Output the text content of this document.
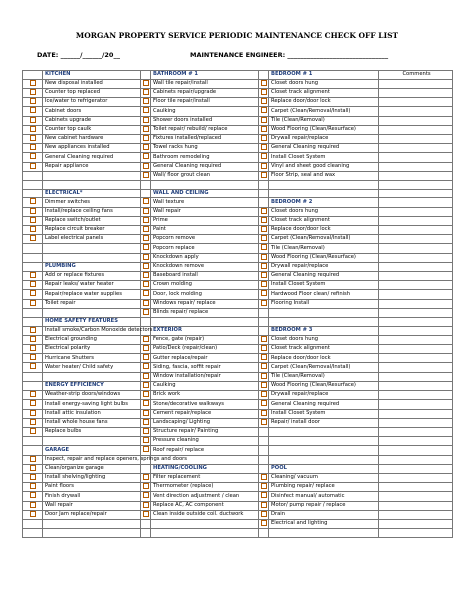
MORGAN PROPERTY SERVICE PERIODIC MAINTENANCE CHECK OFF LIST
DATE: ______/______/20__	MAINTENANCE ENGINEER: _______________________________
	KITCHEN		BATHROOM # 1		BEDROOM # 1	Comments
	New disposal installed		Wall tile repair/install		Closet doors hung	
	Counter top replaced		Cabinets repair/upgrade		Closet track alignment	
	Ice/water to refrigerator		Floor tile repair/install		Replace door/door lock	
	Cabinet doors		Caulking		Carpet (Clean/Removal/Install)	
	Cabinets upgrade		Shower doors installed		Tile (Clean/Removal)	
	Counter top caulk		Toilet repair/ rebuild/ replace		Wood Flooring (Clean/Resurface)	
	New cabinet hardware		Fixtures installed/replaced		Drywall repair/replace	
	New appliances installed		Towel racks hung		General Cleaning required	
	General Cleaning required		Bathroom remodeling		Install Closet System	
	Repair appliance		General Cleaning required		Vinyl and sheet good cleaning	
			Wall/ floor grout clean		Floor Strip, seal and wax	

	ELECTRICAL*		WALL AND CEILING			
	Dimmer switches		Wall texture		BEDROOM # 2	
	Install/replace ceiling fans		Wall repair		Closet doors hung	
	Replace switch/outlet		Prime		Closet track alignment	
	Replace circuit breaker		Paint		Replace door/door lock	
	Label electrical panels		Popcorn remove		Carpet (Clean/Removal/Install)	
			Popcorn replace		Tile (Clean/Removal)	
			Knockdown apply		Wood Flooring (Clean/Resurface)	
	PLUMBING		Knockdown remove		Drywall repair/replace	
	Add or replace fixtures		Baseboard install		General Cleaning required	
	Repair leaks/ water heater		Crown molding		Install Closet System	
	Repair/replace water supplies		Door, lock molding		Hardwood Floor clean/ refinish	
	Toilet repair		Windows repair/ replace		Flooring Install	
			Blinds repair/ replace			
	HOME SAFETY FEATURES					
	Install smoke/Carbon Monoxide detectors		EXTERIOR		BEDROOM # 3	
	Electrical grounding		Fence, gate (repair)		Closet doors hung	
	Electrical polarity		Patio/Deck (repair/clean)		Closet track alignment	
	Hurricane Shutters		Gutter replace/repair		Replace door/door lock	
	Water heater/ Child safety		Siding, fascia, soffit repair		Carpet (Clean/Removal/Install)	
			Window installation/repair		Tile (Clean/Removal)	
	ENERGY EFFICIENCY		Caulking		Wood Flooring (Clean/Resurface)	
	Weather-strip doors/windows		Brick work		Drywall repair/replace	
	Install energy-saving light bulbs		Stone/decorative walkways		General Cleaning required	
	Install attic insulation		Cement repair/replace		Install Closet System	
	Install whole house fans		Landscaping/ Lighting		Repair/ install door	
	Replace bulbs		Structure repair/ Painting			
			Pressure cleaning			
	GARAGE		Roof repair/ replace			
	Inspect, repair and replace openers, springs and doors					
	Clean/organize garage		HEATING/COOLING		POOL	
	Install shelving/lighting		Filter replacement		Cleaning/ vacuum	
	Paint floors		Thermometer (replace)		Plumbing repair/ replace	
	Finish drywall		Vent direction adjustment / clean		Disinfect manual/ automatic	
	Wall repair		Replace AC, AC component		Motor/ pump repair / replace	
	Door Jam replace/repair		Clean inside outside coil. ductwork		Drain	
					Electrical and lighting	
